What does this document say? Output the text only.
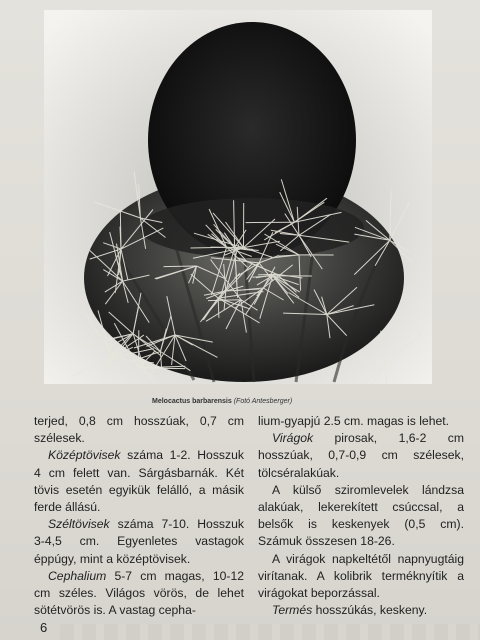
Melocactus barbarensis (Fotó Antesberger)

terjed, 0,8 cm hosszúak, 0,7 cm szélesek.

Középtövisek száma 1-2. Hosszuk 4 cm felett van. Sárgásbarnák. Két tövis esetén egyikük felálló, a másik ferde állású.

Széltövisek száma 7-10. Hosszuk 3-4,5 cm. Egyenletes vastagok éppúgy, mint a középtövisek.

Cephalium 5-7 cm magas, 10-12 cm széles. Világos vörös, de lehet sötétvörös is. A vastag cepha-

lium-gyapjú 2.5 cm. magas is lehet.

Virágok pirosak, 1,6-2 cm hosszúak, 0,7-0,9 cm szélesek, tölcséralakúak.

A külső sziromlevelek lándzsa alakúak, lekerekített csúccsal, a belsők is keskenyek (0,5 cm). Számuk összesen 18-26.

A virágok napkeltétől napnyugtáig virítanak. A kolibrik terméknyítik a virágokat beporzással.

Termés hosszúkás, keskeny.

6
